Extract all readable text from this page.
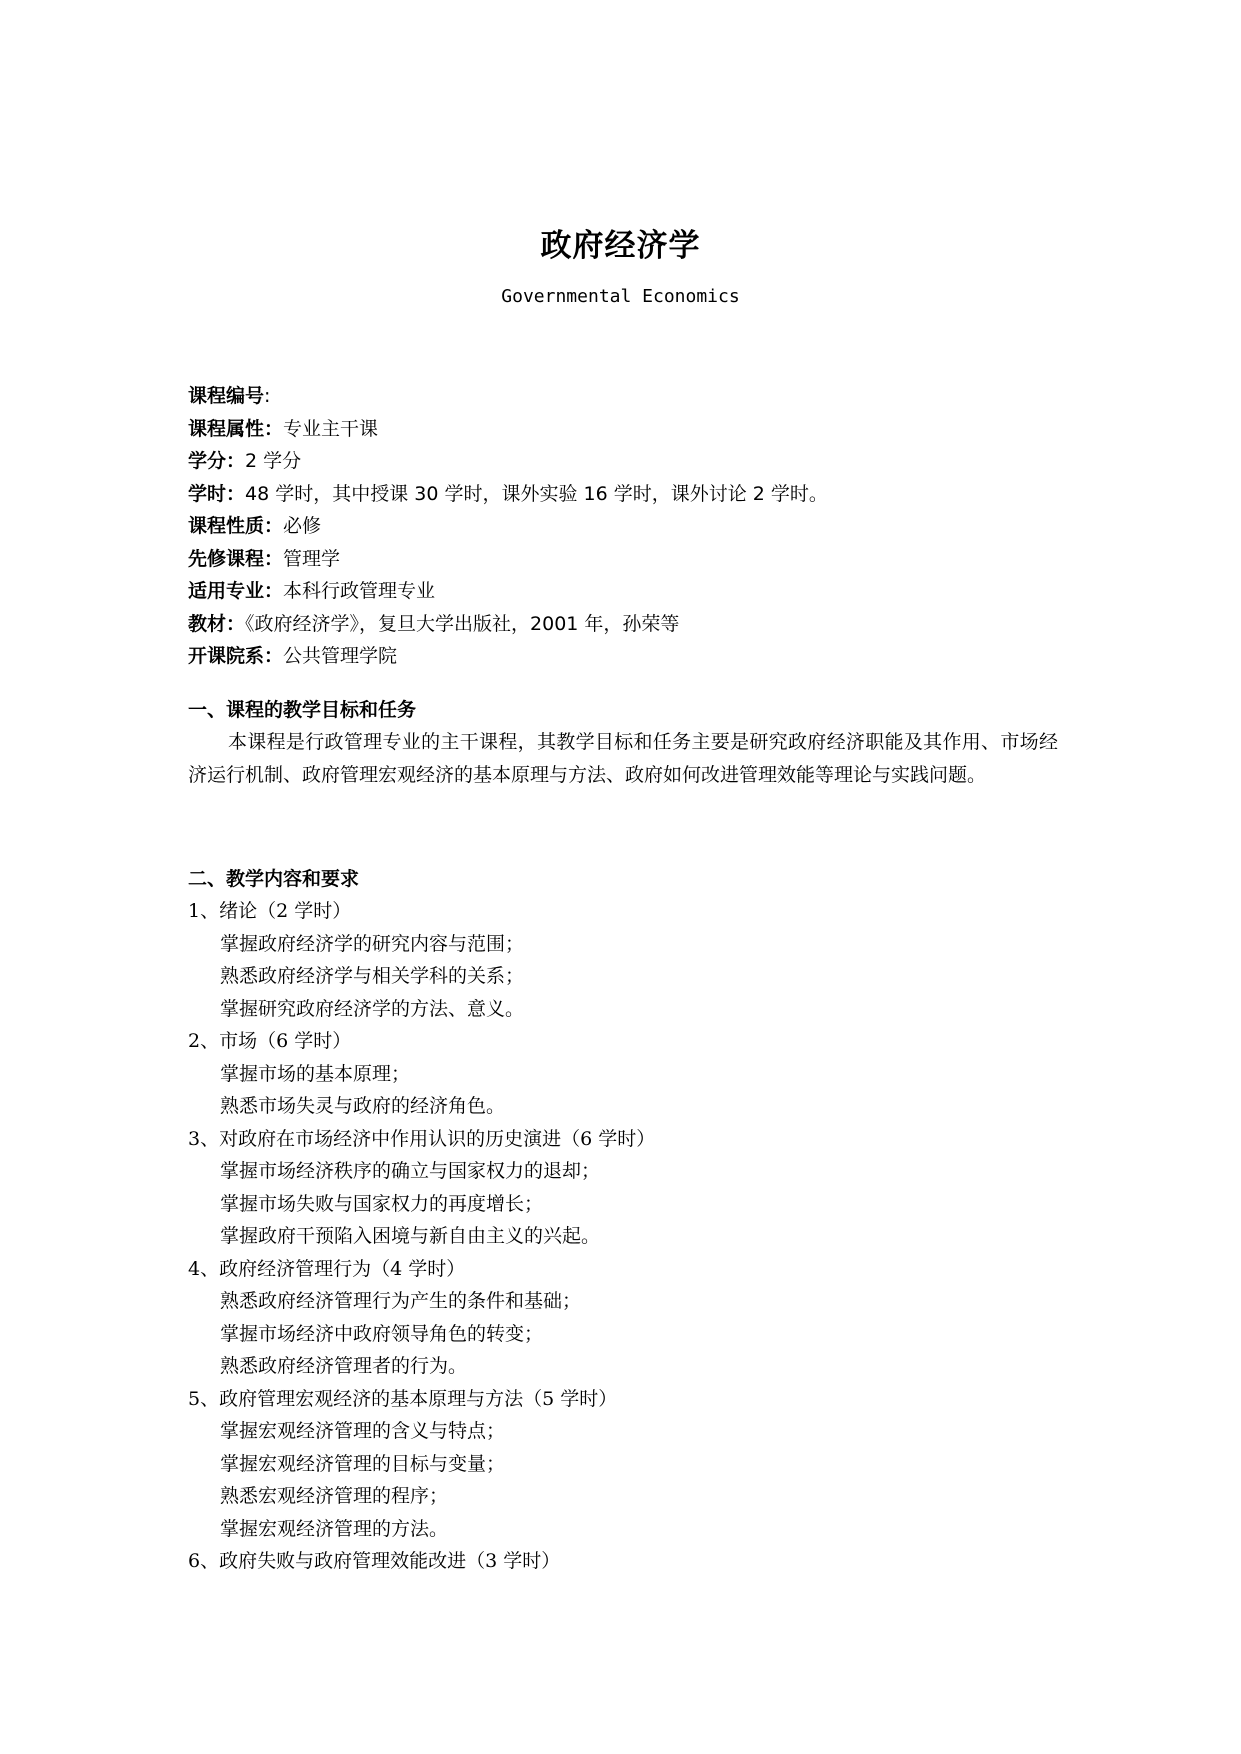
政府经济学
Governmental Economics
课程编号:
课程属性：专业主干课
学分：2 学分
学时：48 学时，其中授课 30 学时，课外实验 16 学时，课外讨论 2 学时。
课程性质：必修
先修课程：管理学
适用专业：本科行政管理专业
教材：《政府经济学》，复旦大学出版社，2001 年，孙荣等
开课院系：公共管理学院
一、课程的教学目标和任务

本课程是行政管理专业的主干课程，其教学目标和任务主要是研究政府经济职能及其作用、市场经济运行机制、政府管理宏观经济的基本原理与方法、政府如何改进管理效能等理论与实践问题。

二、教学内容和要求
1、绪论（2 学时）
掌握政府经济学的研究内容与范围；
熟悉政府经济学与相关学科的关系；
掌握研究政府经济学的方法、意义。
2、市场（6 学时）
掌握市场的基本原理；
熟悉市场失灵与政府的经济角色。
3、对政府在市场经济中作用认识的历史演进（6 学时）
掌握市场经济秩序的确立与国家权力的退却；
掌握市场失败与国家权力的再度增长；
掌握政府干预陷入困境与新自由主义的兴起。
4、政府经济管理行为（4 学时）
熟悉政府经济管理行为产生的条件和基础；
掌握市场经济中政府领导角色的转变；
熟悉政府经济管理者的行为。
5、政府管理宏观经济的基本原理与方法（5 学时）
掌握宏观经济管理的含义与特点；
掌握宏观经济管理的目标与变量；
熟悉宏观经济管理的程序；
掌握宏观经济管理的方法。
6、政府失败与政府管理效能改进（3 学时）
